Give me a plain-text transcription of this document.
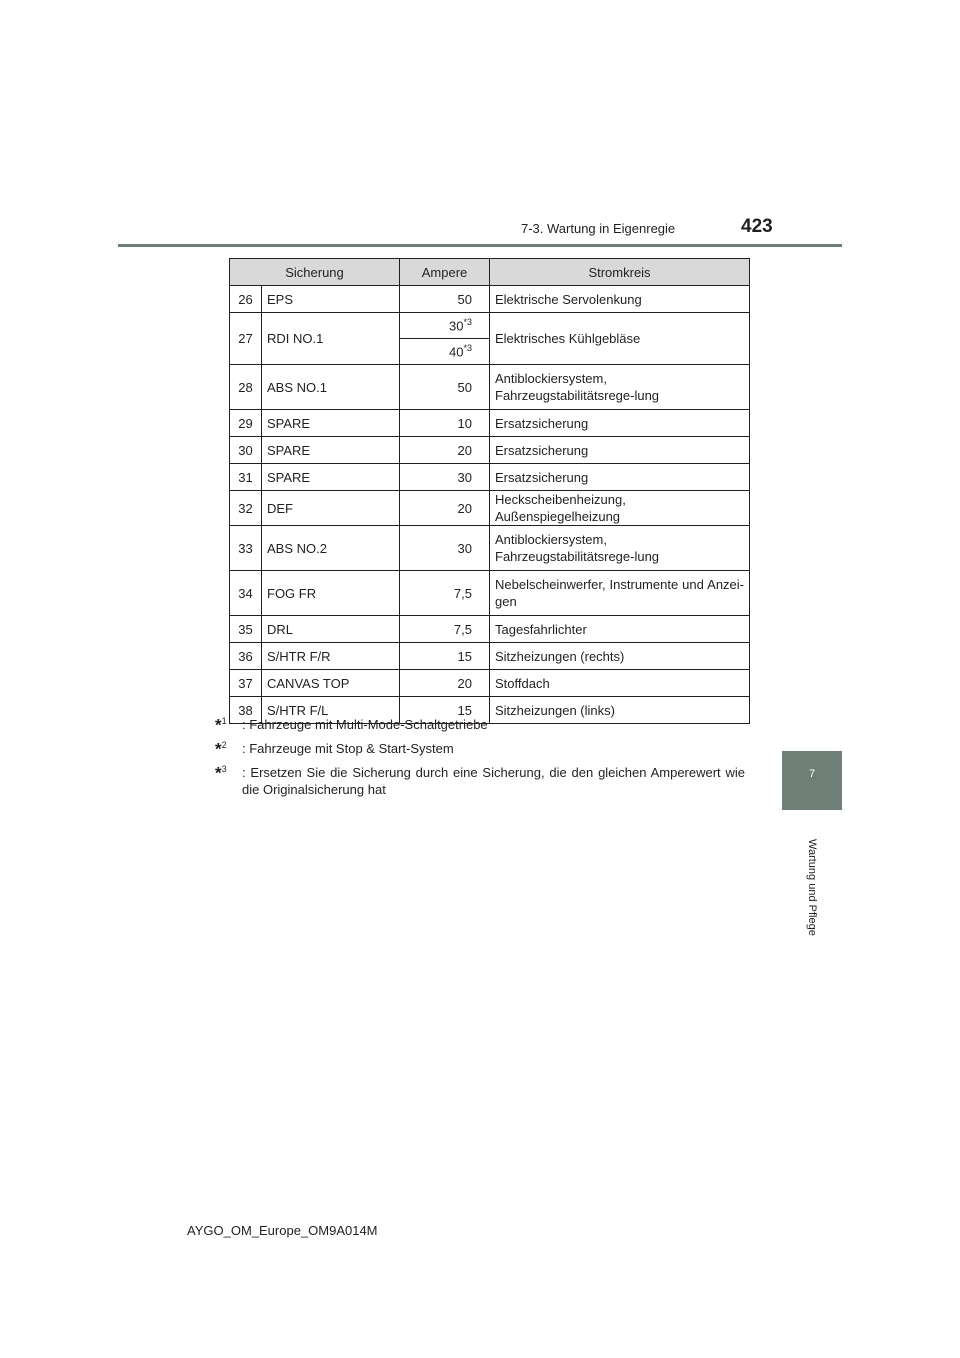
7-3. Wartung in Eigenregie	423
7
Wartung und Pflege
Sicherung		Ampere	Stromkreis
26	EPS	50	Elektrische Servolenkung
27	RDI NO.1	30$^{*3}$	Elektrisches Kühlgebläse
		40$^{*3}$
28	ABS NO.1	50	Antiblockiersystem, Fahrzeugstabilitätsrege-lung
29	SPARE	10	Ersatzsicherung
30	SPARE	20	Ersatzsicherung
31	SPARE	30	Ersatzsicherung
32	DEF	20	Heckscheibenheizung, Außenspiegelheizung
33	ABS NO.2	30	Antiblockiersystem, Fahrzeugstabilitätsrege-lung
34	FOG FR	7,5	Nebelscheinwerfer, Instrumente und Anzei-gen
35	DRL	7,5	Tagesfahrlichter
36	S/HTR F/R	15	Sitzheizungen (rechts)
37	CANVAS TOP	20	Stoffdach
38	S/HTR F/L	15	Sitzheizungen (links)
*$^1$ : Fahrzeuge mit Multi-Mode-Schaltgetriebe
*$^2$ : Fahrzeuge mit Stop & Start-System
*$^3$ : Ersetzen Sie die Sicherung durch eine Sicherung, die den gleichen Amperewert wie die Originalsicherung hat
AYGO_OM_Europe_OM9A014M
